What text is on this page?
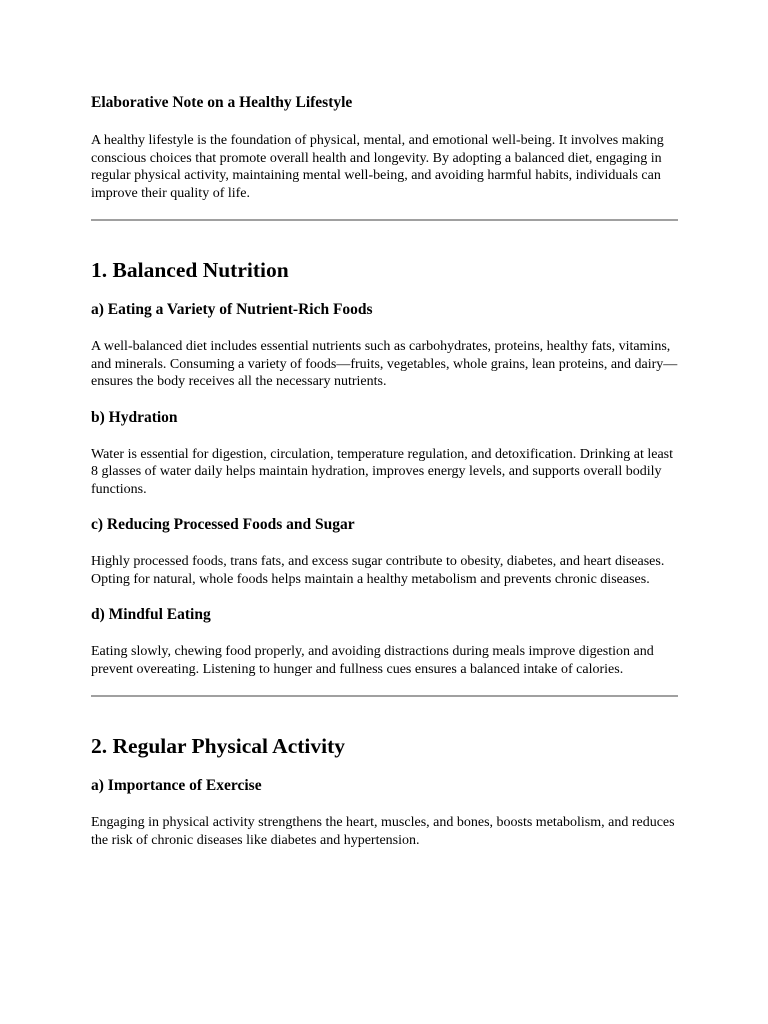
Elaborative Note on a Healthy Lifestyle

A healthy lifestyle is the foundation of physical, mental, and emotional well-being. It involves making conscious choices that promote overall health and longevity. By adopting a balanced diet, engaging in regular physical activity, maintaining mental well-being, and avoiding harmful habits, individuals can improve their quality of life.

1. Balanced Nutrition
a) Eating a Variety of Nutrient-Rich Foods

A well-balanced diet includes essential nutrients such as carbohydrates, proteins, healthy fats, vitamins, and minerals. Consuming a variety of foods—fruits, vegetables, whole grains, lean proteins, and dairy—ensures the body receives all the necessary nutrients.

b) Hydration

Water is essential for digestion, circulation, temperature regulation, and detoxification. Drinking at least 8 glasses of water daily helps maintain hydration, improves energy levels, and supports overall bodily functions.

c) Reducing Processed Foods and Sugar

Highly processed foods, trans fats, and excess sugar contribute to obesity, diabetes, and heart diseases. Opting for natural, whole foods helps maintain a healthy metabolism and prevents chronic diseases.

d) Mindful Eating

Eating slowly, chewing food properly, and avoiding distractions during meals improve digestion and prevent overeating. Listening to hunger and fullness cues ensures a balanced intake of calories.

2. Regular Physical Activity
a) Importance of Exercise

Engaging in physical activity strengthens the heart, muscles, and bones, boosts metabolism, and reduces the risk of chronic diseases like diabetes and hypertension.
